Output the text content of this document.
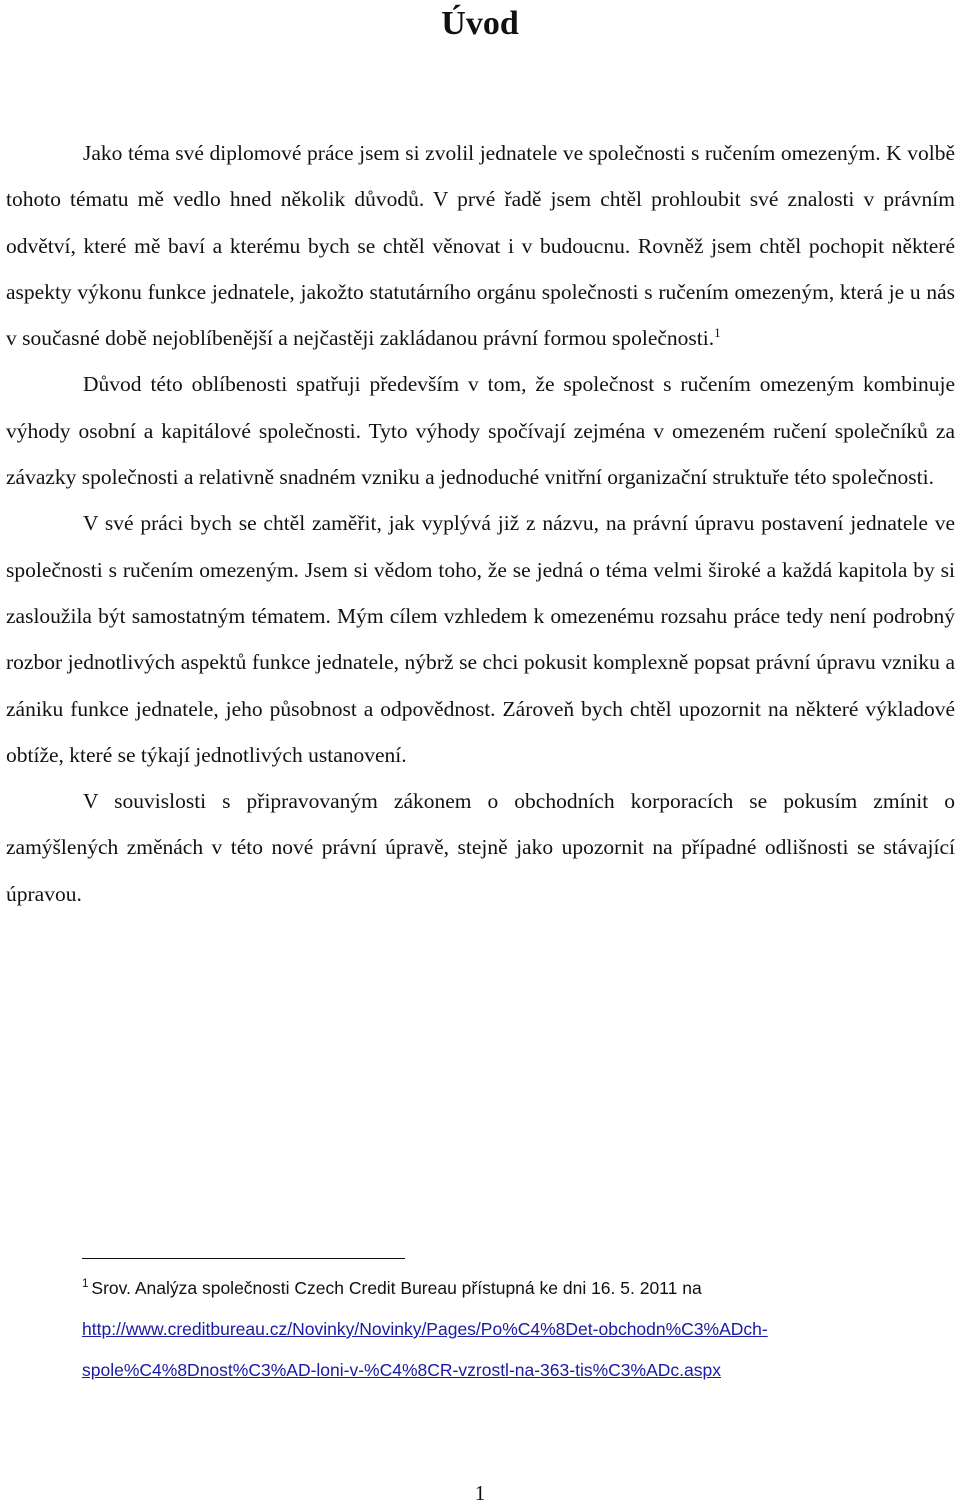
Úvod

Jako téma své diplomové práce jsem si zvolil jednatele ve společnosti s ručením omezeným. K volbě tohoto tématu mě vedlo hned několik důvodů. V prvé řadě jsem chtěl prohloubit své znalosti v právním odvětví, které mě baví a kterému bych se chtěl věnovat i v budoucnu. Rovněž jsem chtěl pochopit některé aspekty výkonu funkce jednatele, jakožto statutárního orgánu společnosti s ručením omezeným, která je u nás v současné době nejoblíbenější a nejčastěji zakládanou právní formou společnosti.$^1$

Důvod této oblíbenosti spatřuji především v tom, že společnost s ručením omezeným kombinuje výhody osobní a kapitálové společnosti. Tyto výhody spočívají zejména v omezeném ručení společníků za závazky společnosti a relativně snadném vzniku a jednoduché vnitřní organizační struktuře této společnosti.

V své práci bych se chtěl zaměřit, jak vyplývá již z názvu, na právní úpravu postavení jednatele ve společnosti s ručením omezeným. Jsem si vědom toho, že se jedná o téma velmi široké a každá kapitola by si zasloužila být samostatným tématem. Mým cílem vzhledem k omezenému rozsahu práce tedy není podrobný rozbor jednotlivých aspektů funkce jednatele, nýbrž se chci pokusit komplexně popsat právní úpravu vzniku a zániku funkce jednatele, jeho působnost a odpovědnost. Zároveň bych chtěl upozornit na některé výkladové obtíže, které se týkají jednotlivých ustanovení.

V souvislosti s připravovaným zákonem o obchodních korporacích se pokusím zmínit o zamýšlených změnách v této nové právní úpravě, stejně jako upozornit na případné odlišnosti se stávající úpravou.

$^1$ Srov. Analýza společnosti Czech Credit Bureau přístupná ke dni 16. 5. 2011 na
http://www.creditbureau.cz/Novinky/Novinky/Pages/Po%C4%8Det-obchodn%C3%ADch-
spole%C4%8Dnost%C3%AD-loni-v-%C4%8CR-vzrostl-na-363-tis%C3%ADc.aspx
1
